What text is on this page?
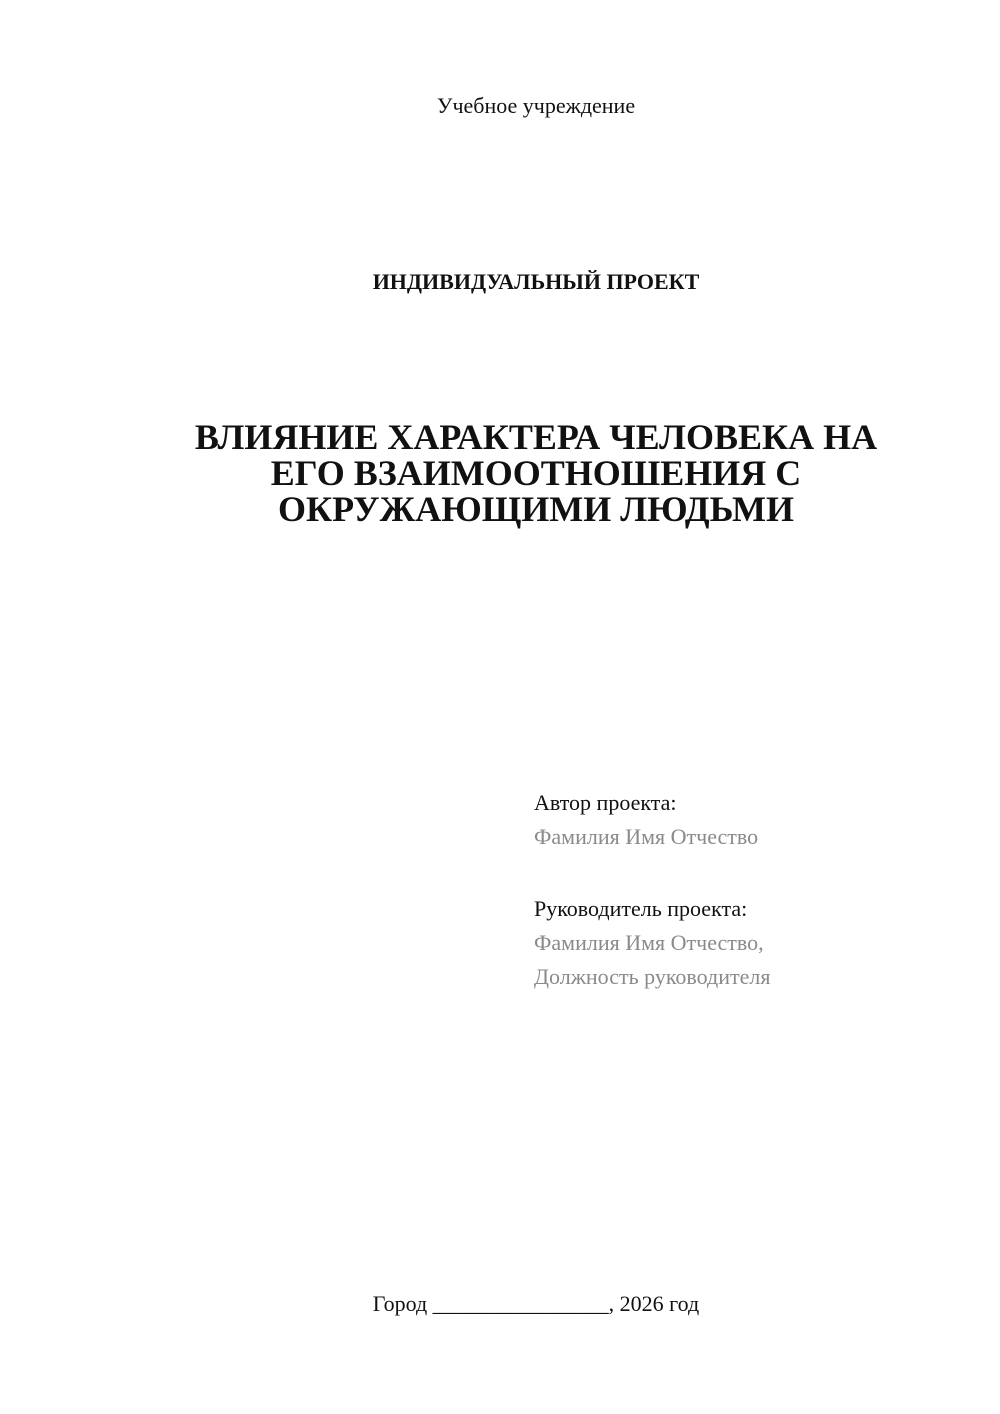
Учебное учреждение
ИНДИВИДУАЛЬНЫЙ ПРОЕКТ
ВЛИЯНИЕ ХАРАКТЕРА ЧЕЛОВЕКА НА
ЕГО ВЗАИМООТНОШЕНИЯ С
ОКРУЖАЮЩИМИ ЛЮДЬМИ
Автор проекта:
Фамилия Имя Отчество
Руководитель проекта:
Фамилия Имя Отчество,
Должность руководителя
Город ________________, 2026 год
